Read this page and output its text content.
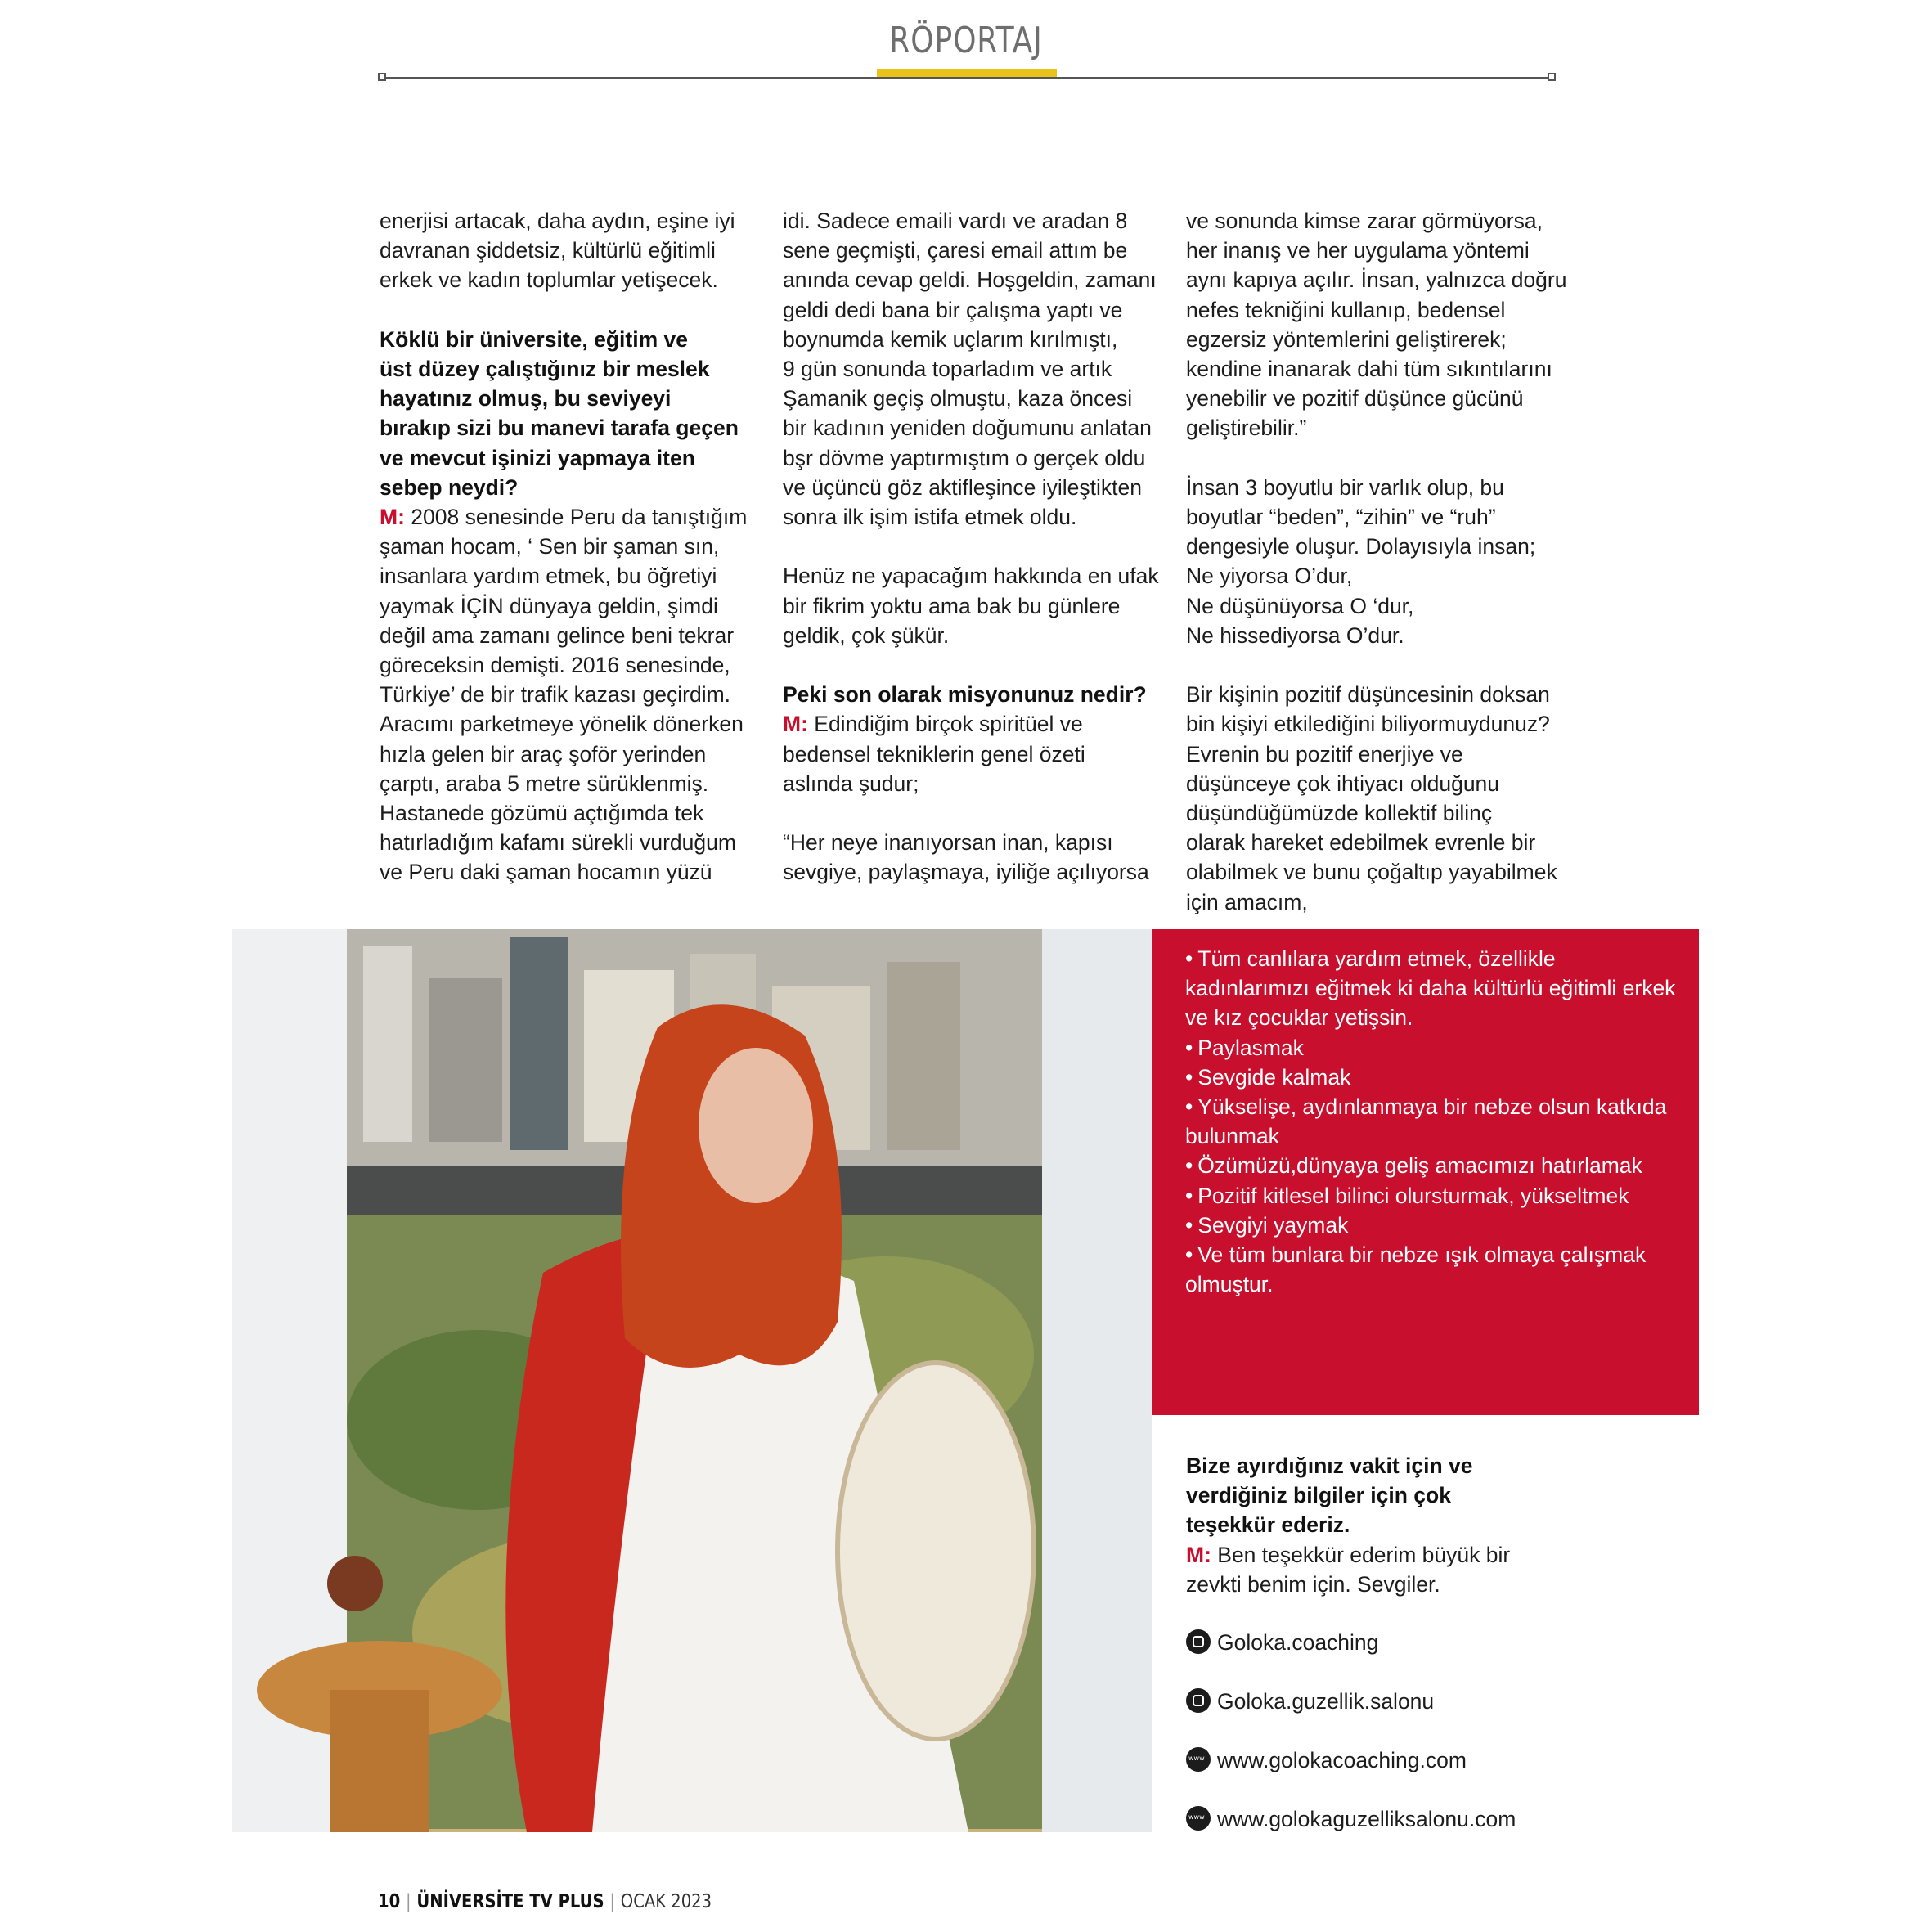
RÖPORTAJ

enerjisi artacak, daha aydın, eşine iyi
davranan şiddetsiz, kültürlü eğitimli
erkek ve kadın toplumlar yetişecek.

Köklü bir üniversite, eğitim ve
üst düzey çalıştığınız bir meslek
hayatınız olmuş, bu seviyeyi
bırakıp sizi bu manevi tarafa geçen
ve mevcut işinizi yapmaya iten
sebep neydi?

M: 2008 senesinde Peru da tanıştığım
şaman hocam, ‘ Sen bir şaman sın,
insanlara yardım etmek, bu öğretiyi
yaymak İÇİN dünyaya geldin, şimdi
değil ama zamanı gelince beni tekrar
göreceksin demişti. 2016 senesinde,
Türkiye’ de bir trafik kazası geçirdim.
Aracımı parketmeye yönelik dönerken
hızla gelen bir araç şoför yerinden
çarptı, araba 5 metre sürüklenmiş.
Hastanede gözümü açtığımda tek
hatırladığım kafamı sürekli vurduğum
ve Peru daki şaman hocamın yüzü

idi. Sadece emaili vardı ve aradan 8
sene geçmişti, çaresi email attım be
anında cevap geldi. Hoşgeldin, zamanı
geldi dedi bana bir çalışma yaptı ve
boynumda kemik uçlarım kırılmıştı,
9 gün sonunda toparladım ve artık
Şamanik geçiş olmuştu, kaza öncesi
bir kadının yeniden doğumunu anlatan
bşr dövme yaptırmıştım o gerçek oldu
ve üçüncü göz aktifleşince iyileştikten
sonra ilk işim istifa etmek oldu.

Henüz ne yapacağım hakkında en ufak
bir fikrim yoktu ama bak bu günlere
geldik, çok şükür.

Peki son olarak misyonunuz nedir?

M: Edindiğim birçok spiritüel ve
bedensel tekniklerin genel özeti
aslında şudur;

“Her neye inanıyorsan inan, kapısı
sevgiye, paylaşmaya, iyiliğe açılıyorsa

ve sonunda kimse zarar görmüyorsa,
her inanış ve her uygulama yöntemi
aynı kapıya açılır. İnsan, yalnızca doğru
nefes tekniğini kullanıp, bedensel
egzersiz yöntemlerini geliştirerek;
kendine inanarak dahi tüm sıkıntılarını
yenebilir ve pozitif düşünce gücünü
geliştirebilir.”

İnsan 3 boyutlu bir varlık olup, bu
boyutlar “beden”, “zihin” ve “ruh”
dengesiyle oluşur. Dolayısıyla insan;
Ne yiyorsa O’dur,
Ne düşünüyorsa O ‘dur,
Ne hissediyorsa O’dur.

Bir kişinin pozitif düşüncesinin doksan
bin kişiyi etkilediğini biliyormuydunuz?
Evrenin bu pozitif enerjiye ve
düşünceye çok ihtiyacı olduğunu
düşündüğümüzde kollektif bilinç
olarak hareket edebilmek evrenle bir
olabilmek ve bunu çoğaltıp yayabilmek
için amacım,

• Tüm canlılara yardım etmek, özellikle kadınlarımızı eğitmek ki daha kültürlü eğitimli erkek ve kız çocuklar yetişsin.
• Paylasmak
• Sevgide kalmak
• Yükselişe, aydınlanmaya bir nebze olsun katkıda bulunmak
• Özümüzü,dünyaya geliş amacımızı hatırlamak
• Pozitif kitlesel bilinci olursturmak, yükseltmek
• Sevgiyi yaymak
• Ve tüm bunlara bir nebze ışık olmaya çalışmak olmuştur.

Bize ayırdığınız vakit için ve
verdiğiniz bilgiler için çok
teşekkür ederiz.

M: Ben teşekkür ederim büyük bir
zevkti benim için. Sevgiler.

Goloka.coaching
Goloka.guzellik.salonu
wwwwww.golokacoaching.com
wwwwww.golokaguzelliksalonu.com
10 | ÜNİVERSİTE TV PLUS | OCAK 2023
